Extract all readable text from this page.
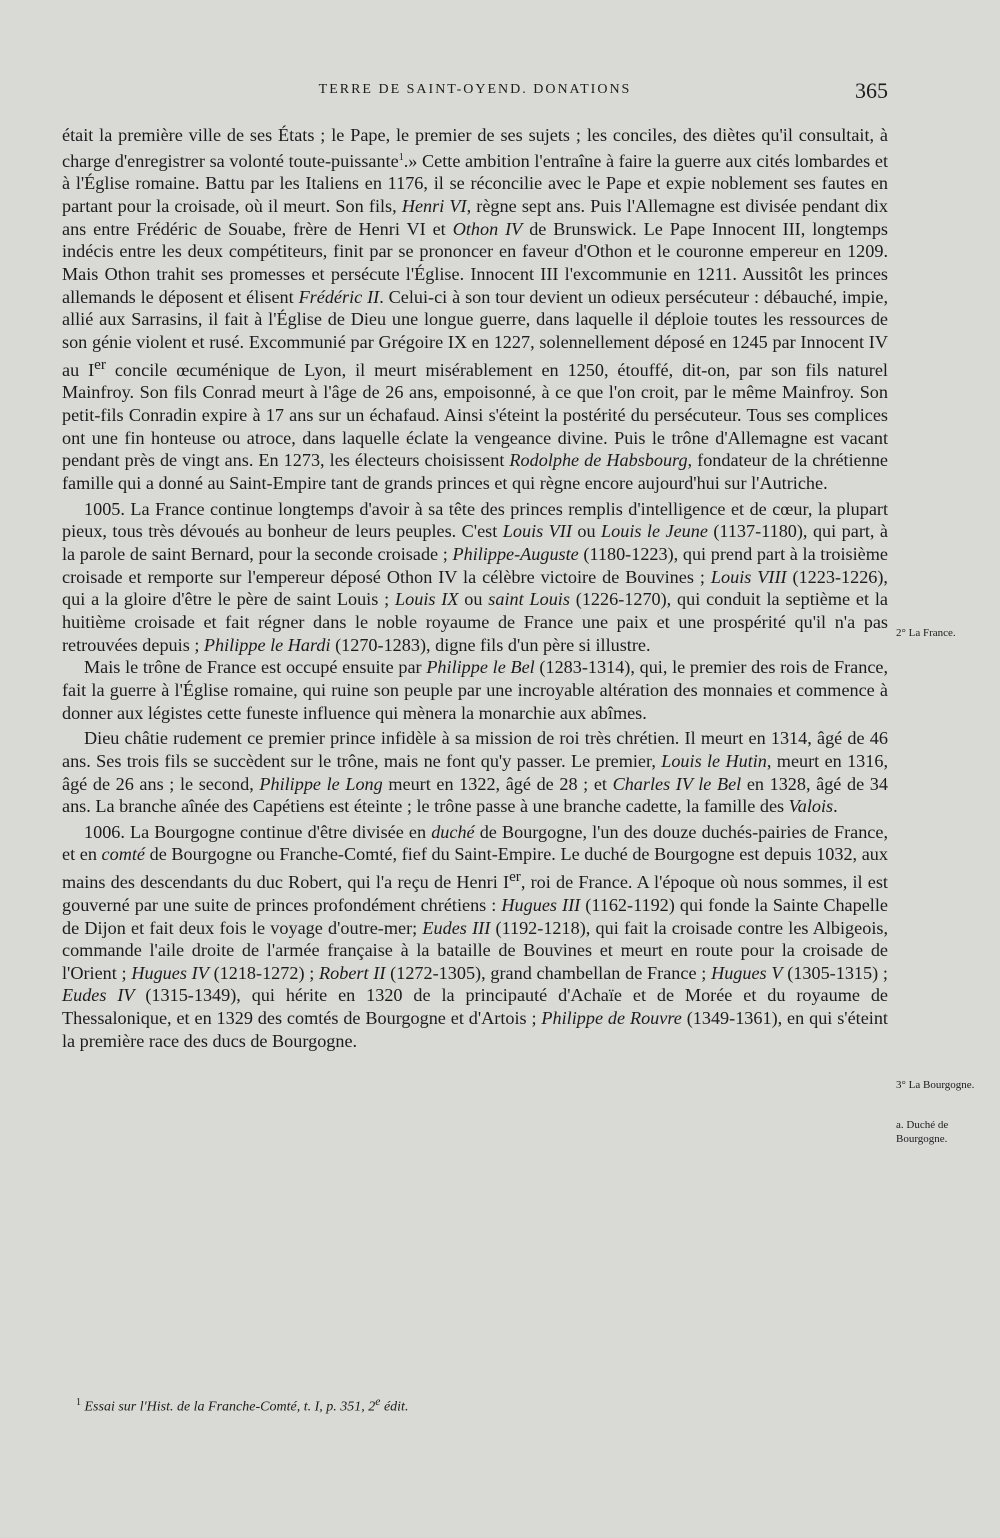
TERRE DE SAINT-OYEND. DONATIONS	365

était la première ville de ses États ; le Pape, le premier de ses sujets ; les conciles, des diètes qu'il consultait, à charge d'enregistrer sa volonté toute-puissante$^1$.» Cette ambition l'entraîne à faire la guerre aux cités lombardes et à l'Église romaine. Battu par les Italiens en 1176, il se réconcilie avec le Pape et expie noblement ses fautes en partant pour la croisade, où il meurt. Son fils, Henri VI, règne sept ans. Puis l'Allemagne est divisée pendant dix ans entre Frédéric de Souabe, frère de Henri VI et Othon IV de Brunswick. Le Pape Innocent III, longtemps indécis entre les deux compétiteurs, finit par se prononcer en faveur d'Othon et le couronne empereur en 1209. Mais Othon trahit ses promesses et persécute l'Église. Innocent III l'excommunie en 1211. Aussitôt les princes allemands le déposent et élisent Frédéric II. Celui-ci à son tour devient un odieux persécuteur : débauché, impie, allié aux Sarrasins, il fait à l'Église de Dieu une longue guerre, dans laquelle il déploie toutes les ressources de son génie violent et rusé. Excommunié par Grégoire IX en 1227, solennellement déposé en 1245 par Innocent IV au Ier concile œcuménique de Lyon, il meurt misérablement en 1250, étouffé, dit-on, par son fils naturel Mainfroy. Son fils Conrad meurt à l'âge de 26 ans, empoisonné, à ce que l'on croit, par le même Mainfroy. Son petit-fils Conradin expire à 17 ans sur un échafaud. Ainsi s'éteint la postérité du persécuteur. Tous ses complices ont une fin honteuse ou atroce, dans laquelle éclate la vengeance divine. Puis le trône d'Allemagne est vacant pendant près de vingt ans. En 1273, les électeurs choisissent Rodolphe de Habsbourg, fondateur de la chrétienne famille qui a donné au Saint-Empire tant de grands princes et qui règne encore aujourd'hui sur l'Autriche.

1005. La France continue longtemps d'avoir à sa tête des princes remplis d'intelligence et de cœur, la plupart pieux, tous très dévoués au bonheur de leurs peuples. C'est Louis VII ou Louis le Jeune (1137-1180), qui part, à la parole de saint Bernard, pour la seconde croisade ; Philippe-Auguste (1180-1223), qui prend part à la troisième croisade et remporte sur l'empereur déposé Othon IV la célèbre victoire de Bouvines ; Louis VIII (1223-1226), qui a la gloire d'être le père de saint Louis ; Louis IX ou saint Louis (1226-1270), qui conduit la septième et la huitième croisade et fait régner dans le noble royaume de France une paix et une prospérité qu'il n'a pas retrouvées depuis ; Philippe le Hardi (1270-1283), digne fils d'un père si illustre.

Mais le trône de France est occupé ensuite par Philippe le Bel (1283-1314), qui, le premier des rois de France, fait la guerre à l'Église romaine, qui ruine son peuple par une incroyable altération des monnaies et commence à donner aux légistes cette funeste influence qui mènera la monarchie aux abîmes.

Dieu châtie rudement ce premier prince infidèle à sa mission de roi très chrétien. Il meurt en 1314, âgé de 46 ans. Ses trois fils se succèdent sur le trône, mais ne font qu'y passer. Le premier, Louis le Hutin, meurt en 1316, âgé de 26 ans ; le second, Philippe le Long meurt en 1322, âgé de 28 ; et Charles IV le Bel en 1328, âgé de 34 ans. La branche aînée des Capétiens est éteinte ; le trône passe à une branche cadette, la famille des Valois.

1006. La Bourgogne continue d'être divisée en duché de Bourgogne, l'un des douze duchés-pairies de France, et en comté de Bourgogne ou Franche-Comté, fief du Saint-Empire. Le duché de Bourgogne est depuis 1032, aux mains des descendants du duc Robert, qui l'a reçu de Henri Ier, roi de France. A l'époque où nous sommes, il est gouverné par une suite de princes profondément chrétiens : Hugues III (1162-1192) qui fonde la Sainte Chapelle de Dijon et fait deux fois le voyage d'outre-mer; Eudes III (1192-1218), qui fait la croisade contre les Albigeois, commande l'aile droite de l'armée française à la bataille de Bouvines et meurt en route pour la croisade de l'Orient ; Hugues IV (1218-1272) ; Robert II (1272-1305), grand chambellan de France ; Hugues V (1305-1315) ; Eudes IV (1315-1349), qui hérite en 1320 de la principauté d'Achaïe et de Morée et du royaume de Thessalonique, et en 1329 des comtés de Bourgogne et d'Artois ; Philippe de Rouvre (1349-1361), en qui s'éteint la première race des ducs de Bourgogne.

2° La France.
3° La Bourgogne.
a. Duché de Bourgogne.
$^1$ Essai sur l'Hist. de la Franche-Comté, t. I, p. 351, 2e édit.
